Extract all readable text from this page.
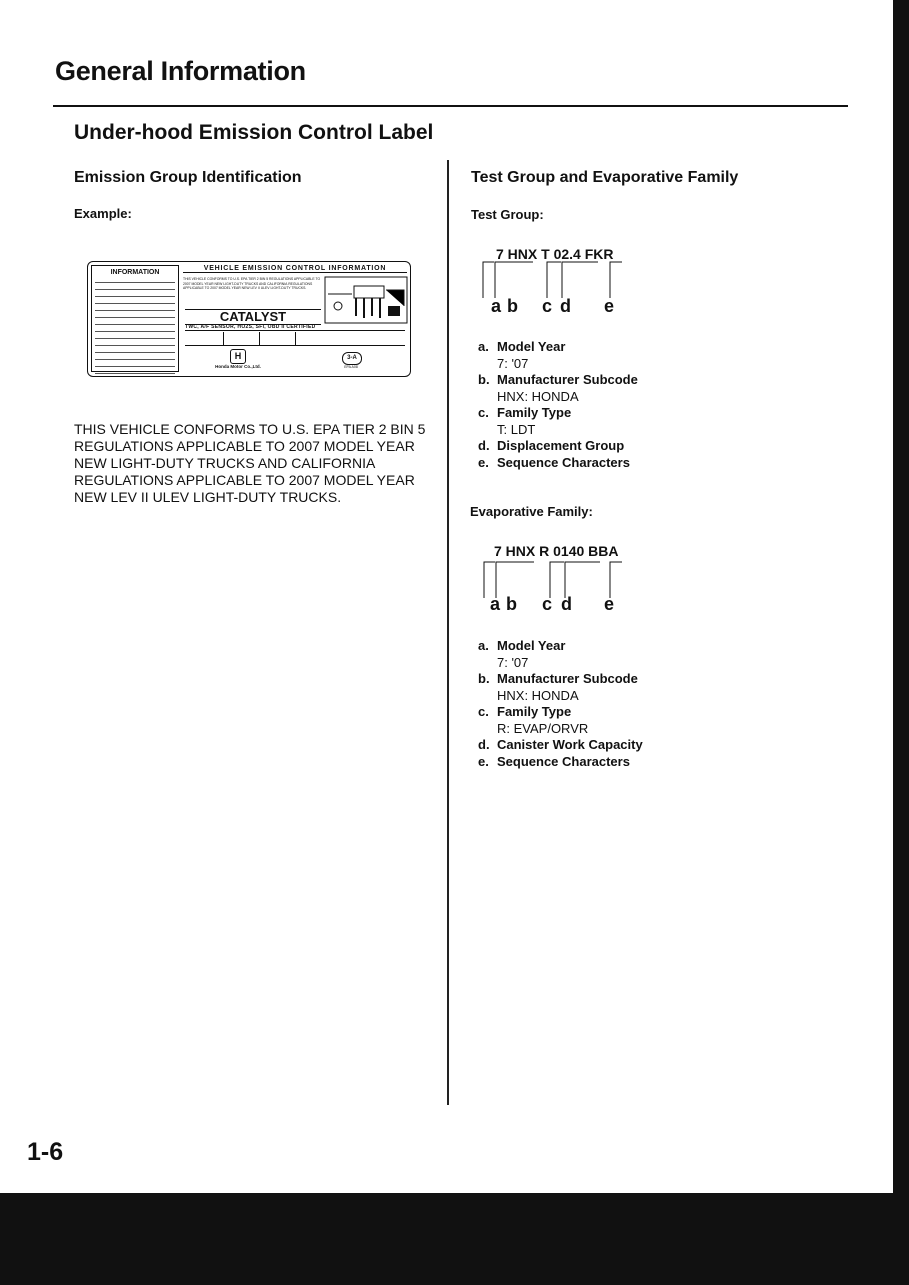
General Information
Under-hood Emission Control Label
Emission Group Identification
Example:
INFORMATION
VEHICLE EMISSION CONTROL INFORMATION
THIS VEHICLE CONFORMS TO U.S. EPA TIER 2 BIN 5 REGULATIONS APPLICABLE TO 2007 MODEL YEAR NEW LIGHT-DUTY TRUCKS AND CALIFORNIA REGULATIONS APPLICABLE TO 2007 MODEL YEAR NEW LEV II ULEV LIGHT-DUTY TRUCKS.
CATALYST
TWC, A/F SENSOR, HO2S, SFI, OBD II CERTIFIED
H
Honda Motor Co.,Ltd.
3-A
EPA A08
THIS VEHICLE CONFORMS TO U.S. EPA TIER 2 BIN 5
REGULATIONS APPLICABLE TO 2007 MODEL YEAR
NEW LIGHT-DUTY TRUCKS AND CALIFORNIA
REGULATIONS APPLICABLE TO 2007 MODEL YEAR
NEW LEV II ULEV LIGHT-DUTY TRUCKS.
Test Group and Evaporative Family
Test Group:
7 HNX T 02.4 FKR
a b c d e
a. Model Year
7: '07
b. Manufacturer Subcode
HNX: HONDA
c. Family Type
T: LDT
d. Displacement Group
e. Sequence Characters
Evaporative Family:
7 HNX R 0140 BBA
a b c d e
a. Model Year
7: '07
b. Manufacturer Subcode
HNX: HONDA
c. Family Type
R: EVAP/ORVR
d. Canister Work Capacity
e. Sequence Characters
1-6
